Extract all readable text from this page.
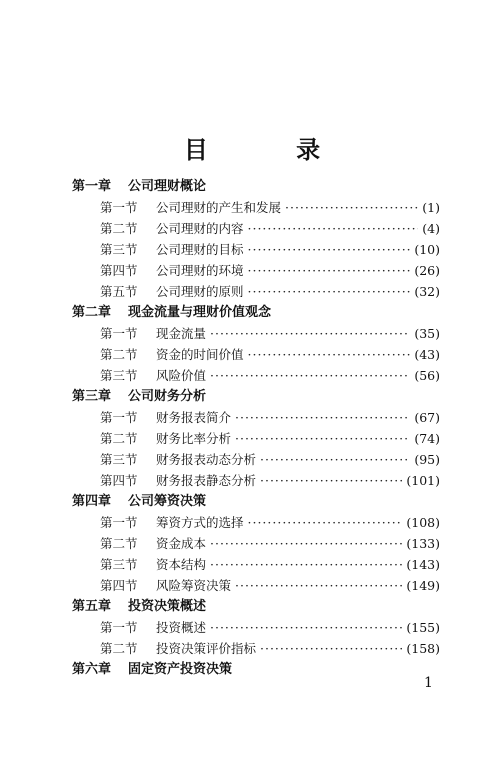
目 录
第一章 公司理财概论
第一节	公司理财的产生和发展 ·····	(1)
第二节	公司理财的内容 ·····	(4)
第三节	公司理财的目标 ·····	(10)
第四节	公司理财的环境 ·····	(26)
第五节	公司理财的原则 ·····	(32)
第二章 现金流量与理财价值观念
第一节	现金流量 ·····	(35)
第二节	资金的时间价值 ·····	(43)
第三节	风险价值 ·····	(56)
第三章 公司财务分析
第一节	财务报表简介 ·····	(67)
第二节	财务比率分析 ·····	(74)
第三节	财务报表动态分析 ·····	(95)
第四节	财务报表静态分析 ·····	(101)
第四章 公司筹资决策
第一节	筹资方式的选择 ·····	(108)
第二节	资金成本 ·····	(133)
第三节	资本结构 ·····	(143)
第四节	风险筹资决策 ·····	(149)
第五章 投资决策概述
第一节	投资概述 ·····	(155)
第二节	投资决策评价指标 ·····	(158)
第六章 固定资产投资决策
1
